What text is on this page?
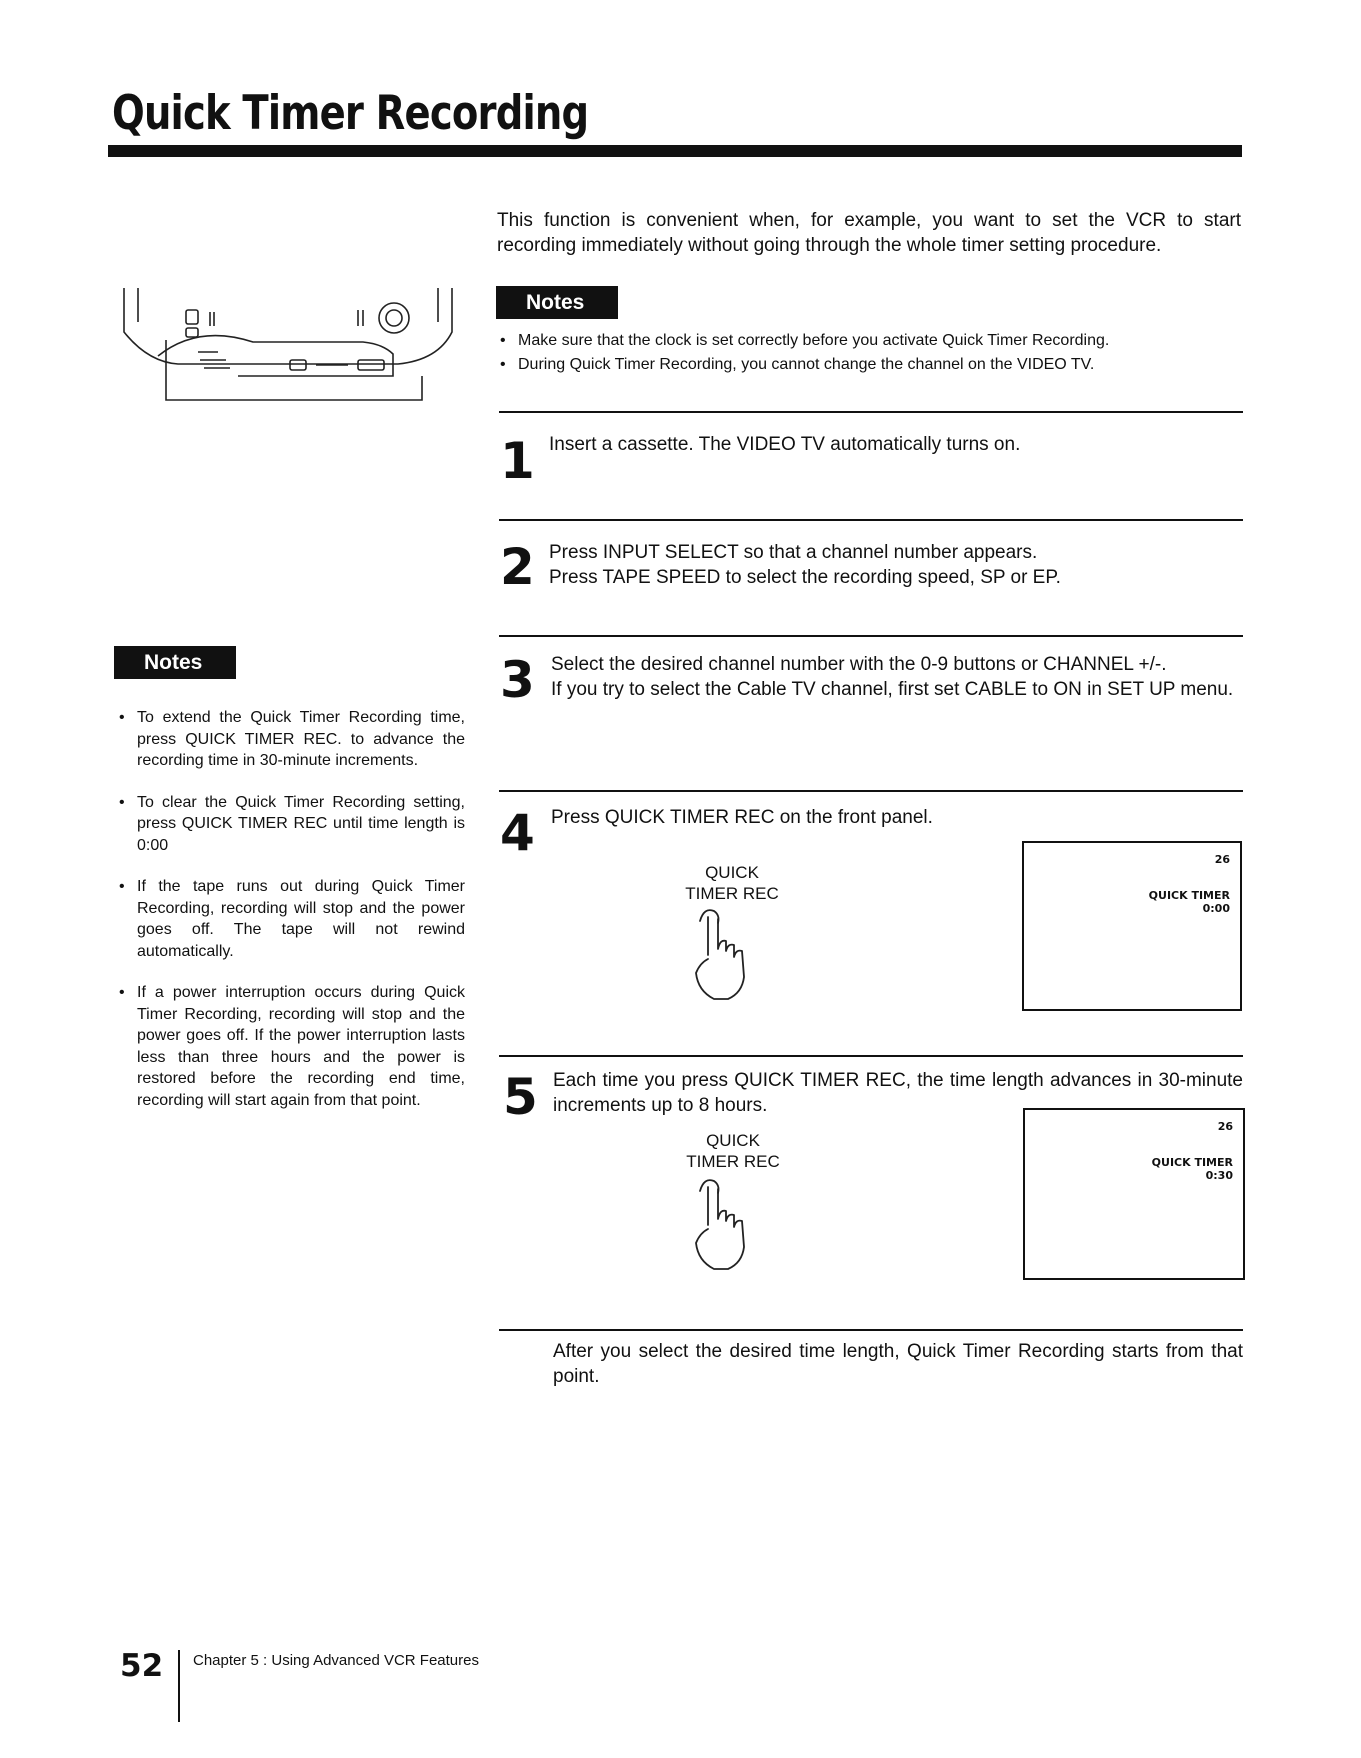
Quick Timer Recording
This function is convenient when, for example, you want to set the VCR to start recording immediately without going through the whole timer setting procedure.
Notes
• Make sure that the clock is set correctly before you activate Quick Timer Recording.
• During Quick Timer Recording, you cannot change the channel on the VIDEO TV.
Notes
• To extend the Quick Timer Recording time, press QUICK TIMER REC. to advance the recording time in 30-minute increments.
• To clear the Quick Timer Recording setting, press QUICK TIMER REC until time length is 0:00
• If the tape runs out during Quick Timer Recording, recording will stop and the power goes off. The tape will not rewind automatically.
• If a power interruption occurs during Quick Timer Recording, recording will stop and the power goes off. If the power interruption lasts less than three hours and the power is restored before the recording end time, recording will start again from that point.
1 Insert a cassette. The VIDEO TV automatically turns on.
2 Press INPUT SELECT so that a channel number appears.
Press TAPE SPEED to select the recording speed, SP or EP.
3 Select the desired channel number with the 0-9 buttons or CHANNEL +/-.
If you try to select the Cable TV channel, first set CABLE to ON in SET UP menu.
4 Press QUICK TIMER REC on the front panel.
QUICK
TIMER REC
26
QUICK TIMER
0:00
5 Each time you press QUICK TIMER REC, the time length advances in 30-minute increments up to 8 hours.
QUICK
TIMER REC
26
QUICK TIMER
0:30
After you select the desired time length, Quick Timer Recording starts from that point.
52 Chapter 5 : Using Advanced VCR Features
